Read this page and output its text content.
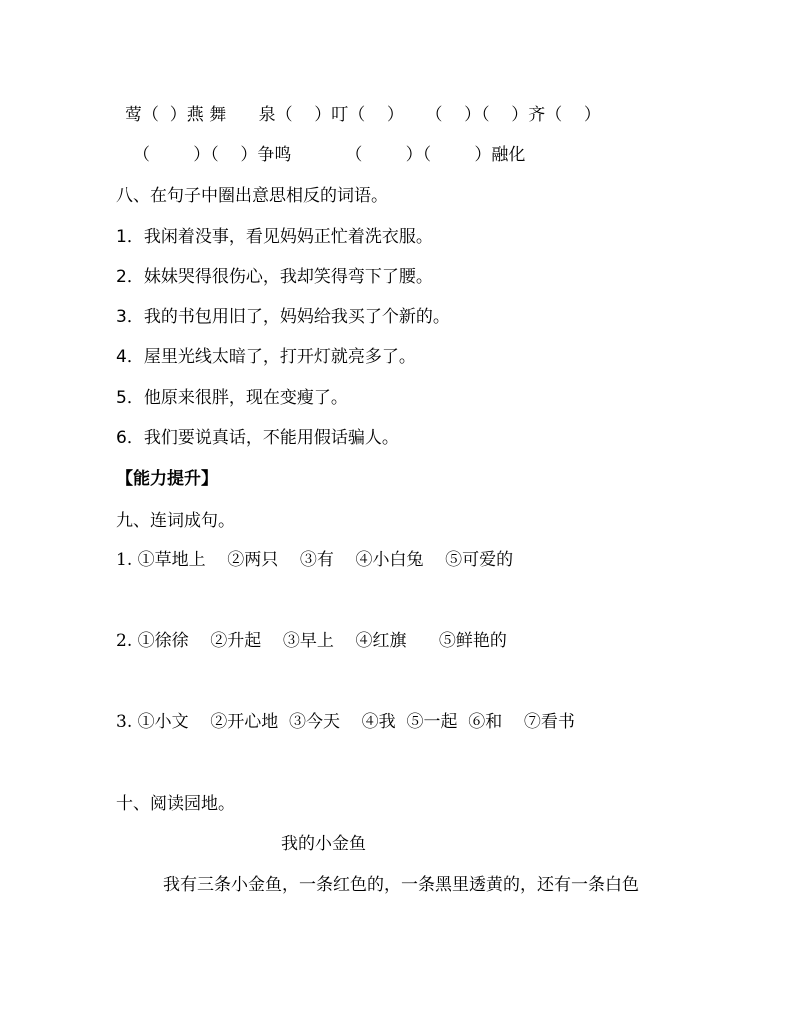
莺（  ）燕 舞      泉（    ）叮（    ）    （    ）（    ）齐（    ）
（        ）（    ）争鸣          （        ）（        ）融化
八、在句子中圈出意思相反的词语。
1．我闲着没事，看见妈妈正忙着洗衣服。
2．妹妹哭得很伤心，我却笑得弯下了腰。
3．我的书包用旧了，妈妈给我买了个新的。
4．屋里光线太暗了，打开灯就亮多了。
5．他原来很胖，现在变瘦了。
6．我们要说真话，不能用假话骗人。
【能力提升】
九、连词成句。
1. ①草地上    ②两只    ③有    ④小白兔    ⑤可爱的
2. ①徐徐    ②升起    ③早上    ④红旗      ⑤鲜艳的
3. ①小文    ②开心地  ③今天    ④我  ⑤一起  ⑥和    ⑦看书
十、阅读园地。
我的小金鱼
我有三条小金鱼，一条红色的，一条黑里透黄的，还有一条白色
